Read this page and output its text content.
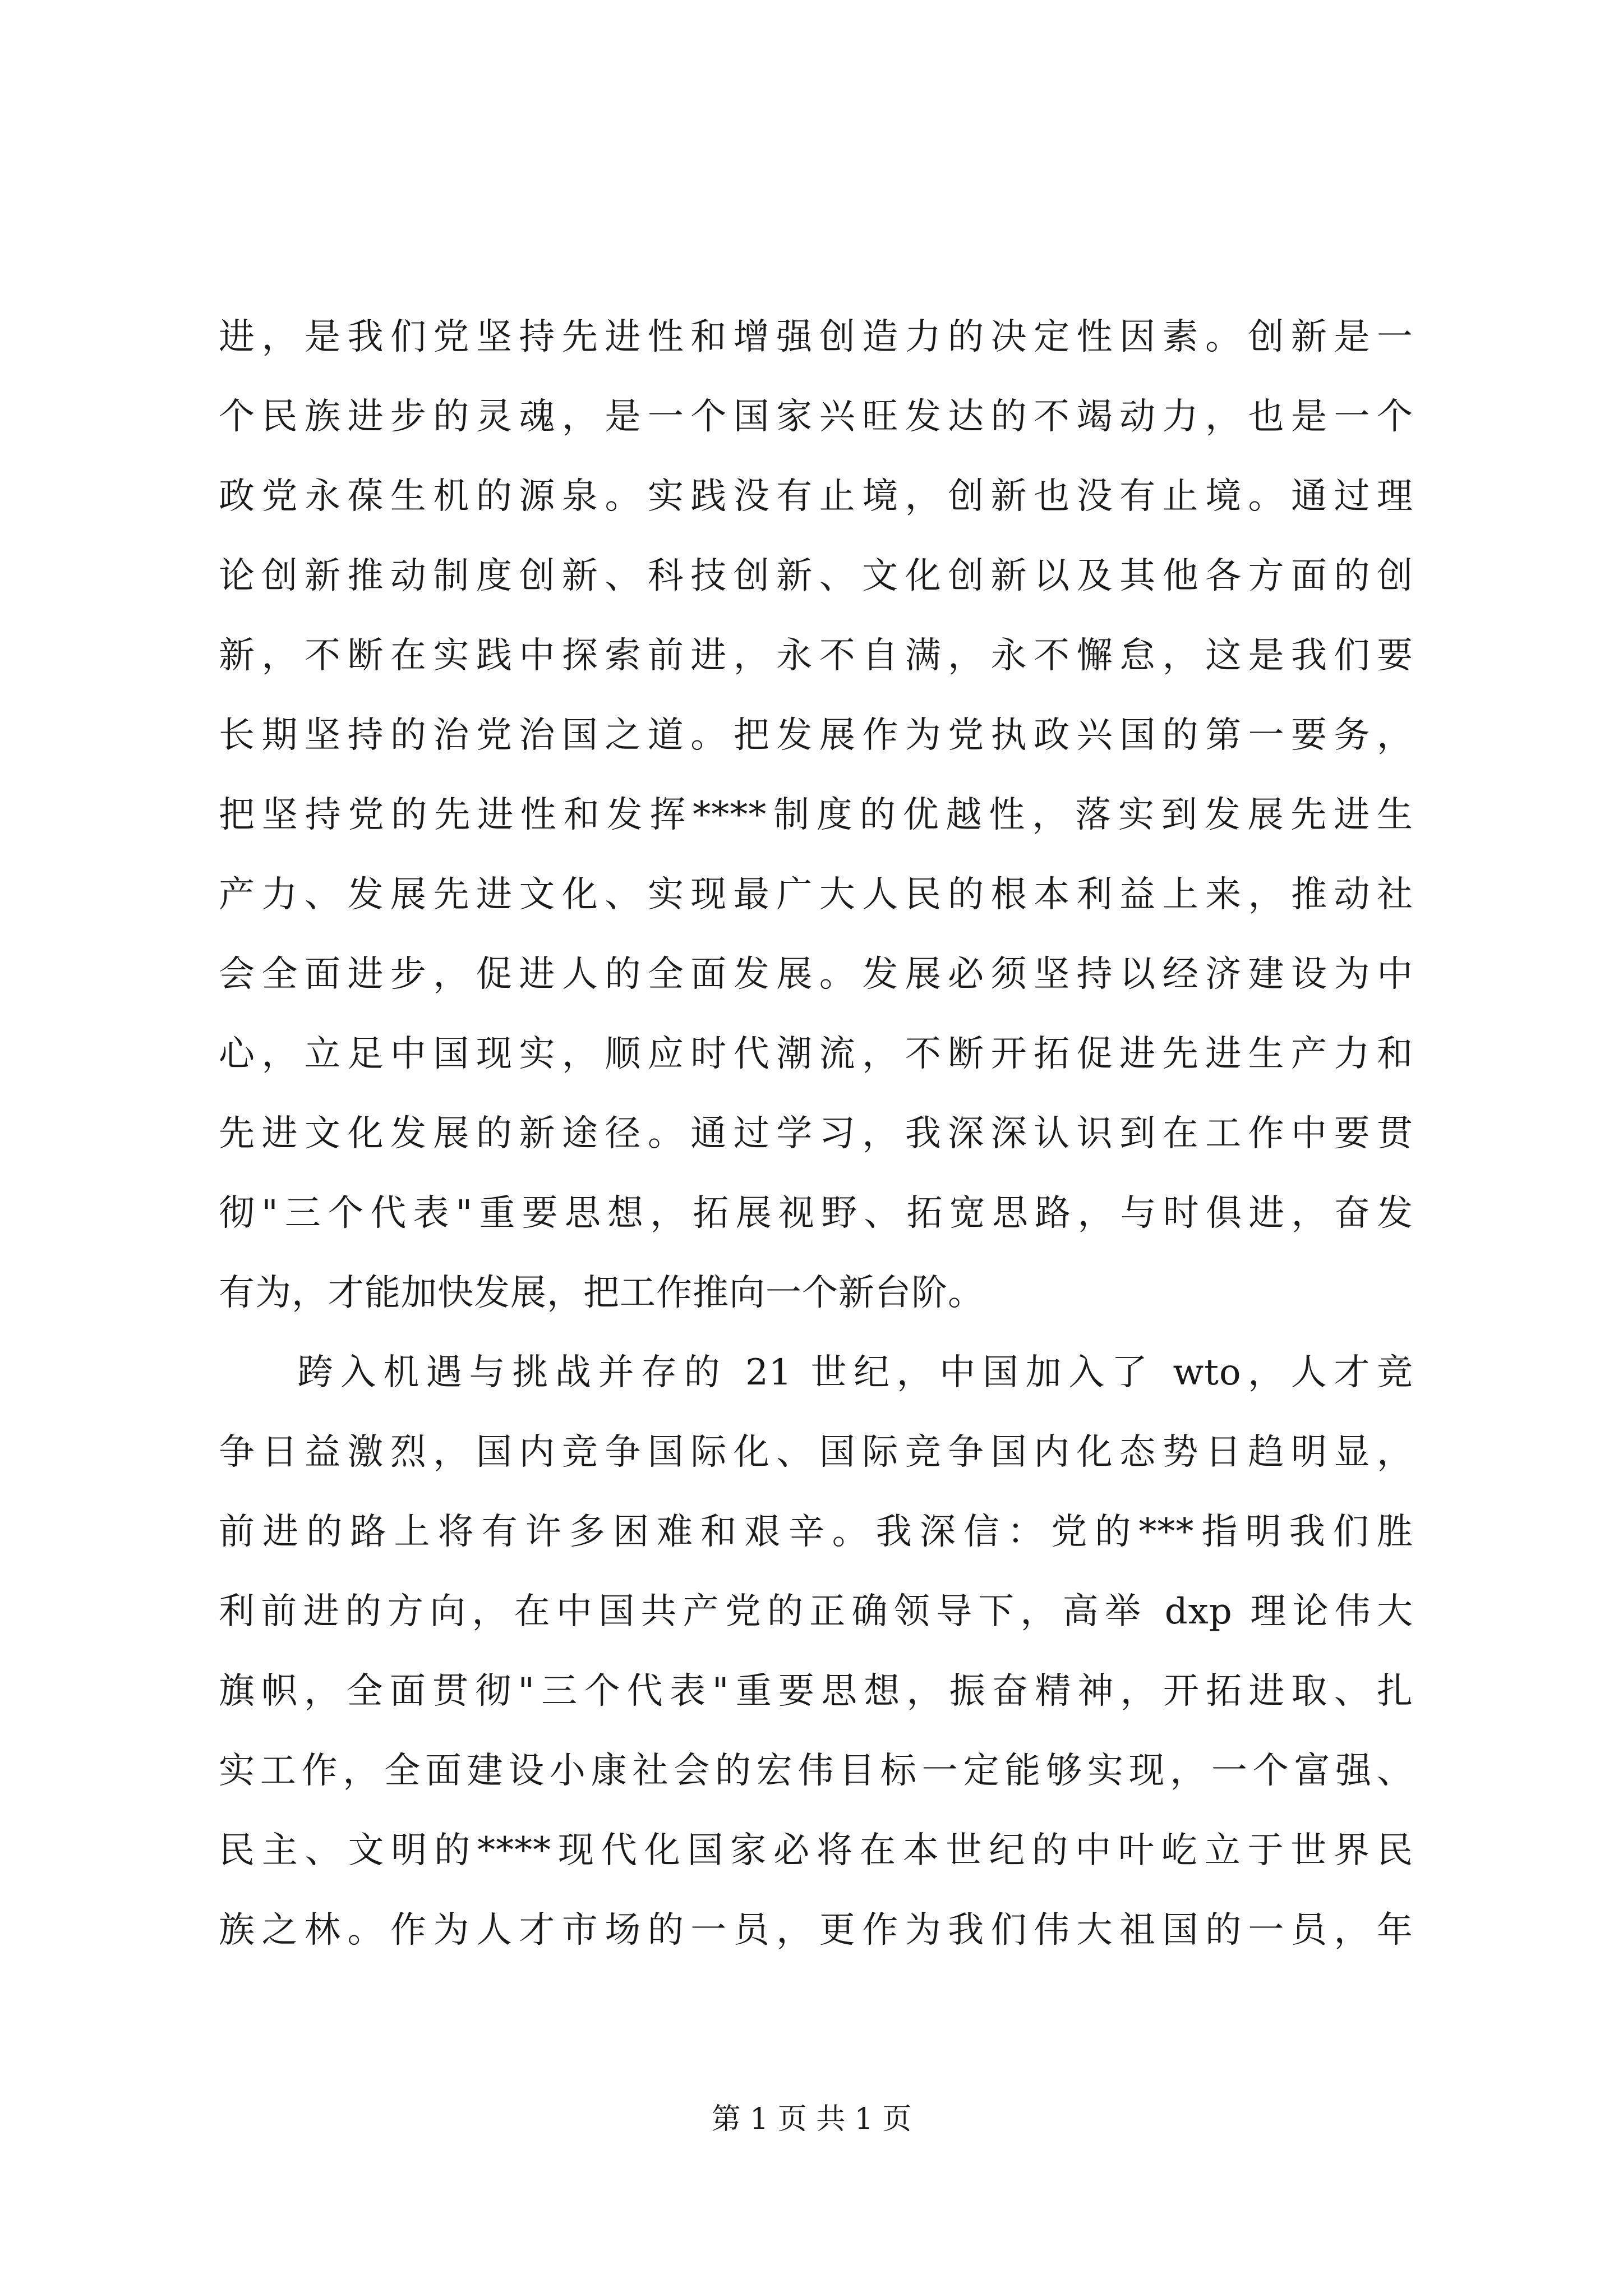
进，是我们党坚持先进性和增强创造力的决定性因素。创新是一
个民族进步的灵魂，是一个国家兴旺发达的不竭动力，也是一个
政党永葆生机的源泉。实践没有止境，创新也没有止境。通过理
论创新推动制度创新、科技创新、文化创新以及其他各方面的创
新，不断在实践中探索前进，永不自满，永不懈怠，这是我们要
长期坚持的治党治国之道。把发展作为党执政兴国的第一要务，
把坚持党的先进性和发挥****制度的优越性，落实到发展先进生
产力、发展先进文化、实现最广大人民的根本利益上来，推动社
会全面进步，促进人的全面发展。发展必须坚持以经济建设为中
心，立足中国现实，顺应时代潮流，不断开拓促进先进生产力和
先进文化发展的新途径。通过学习，我深深认识到在工作中要贯
彻"三个代表"重要思想，拓展视野、拓宽思路，与时俱进，奋发
有为，才能加快发展，把工作推向一个新台阶。
跨入机遇与挑战并存的 21 世纪，中国加入了 wto，人才竞
争日益激烈，国内竞争国际化、国际竞争国内化态势日趋明显，
前进的路上将有许多困难和艰辛。我深信：党的***指明我们胜
利前进的方向，在中国共产党的正确领导下，高举 dxp 理论伟大
旗帜，全面贯彻"三个代表"重要思想，振奋精神，开拓进取、扎
实工作，全面建设小康社会的宏伟目标一定能够实现，一个富强、
民主、文明的****现代化国家必将在本世纪的中叶屹立于世界民
族之林。作为人才市场的一员，更作为我们伟大祖国的一员，年
第 1 页 共 1 页
